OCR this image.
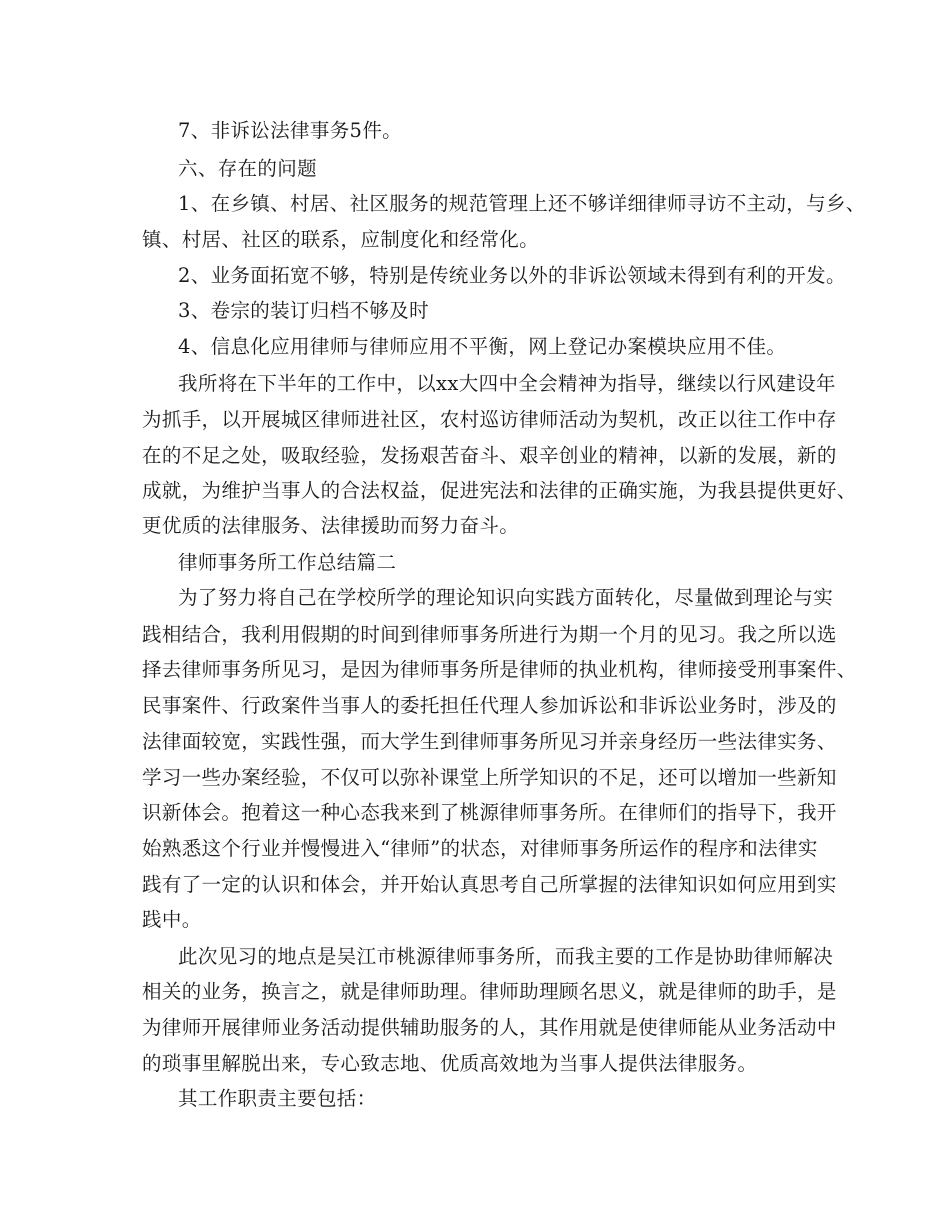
7、非诉讼法律事务5件。
六、存在的问题
1、在乡镇、村居、社区服务的规范管理上还不够详细律师寻访不主动，与乡、
镇、村居、社区的联系，应制度化和经常化。
2、业务面拓宽不够，特别是传统业务以外的非诉讼领域未得到有利的开发。
3、卷宗的装订归档不够及时
4、信息化应用律师与律师应用不平衡，网上登记办案模块应用不佳。
我所将在下半年的工作中，以xx大四中全会精神为指导，继续以行风建设年
为抓手，以开展城区律师进社区，农村巡访律师活动为契机，改正以往工作中存
在的不足之处，吸取经验，发扬艰苦奋斗、艰辛创业的精神，以新的发展，新的
成就，为维护当事人的合法权益，促进宪法和法律的正确实施，为我县提供更好、
更优质的法律服务、法律援助而努力奋斗。
律师事务所工作总结篇二
为了努力将自己在学校所学的理论知识向实践方面转化，尽量做到理论与实
践相结合，我利用假期的时间到律师事务所进行为期一个月的见习。我之所以选
择去律师事务所见习，是因为律师事务所是律师的执业机构，律师接受刑事案件、
民事案件、行政案件当事人的委托担任代理人参加诉讼和非诉讼业务时，涉及的
法律面较宽，实践性强，而大学生到律师事务所见习并亲身经历一些法律实务、
学习一些办案经验，不仅可以弥补课堂上所学知识的不足，还可以增加一些新知
识新体会。抱着这一种心态我来到了桃源律师事务所。在律师们的指导下，我开
始熟悉这个行业并慢慢进入“律师”的状态，对律师事务所运作的程序和法律实
践有了一定的认识和体会，并开始认真思考自己所掌握的法律知识如何应用到实
践中。
此次见习的地点是吴江市桃源律师事务所，而我主要的工作是协助律师解决
相关的业务，换言之，就是律师助理。律师助理顾名思义，就是律师的助手，是
为律师开展律师业务活动提供辅助服务的人，其作用就是使律师能从业务活动中
的琐事里解脱出来，专心致志地、优质高效地为当事人提供法律服务。
其工作职责主要包括：
